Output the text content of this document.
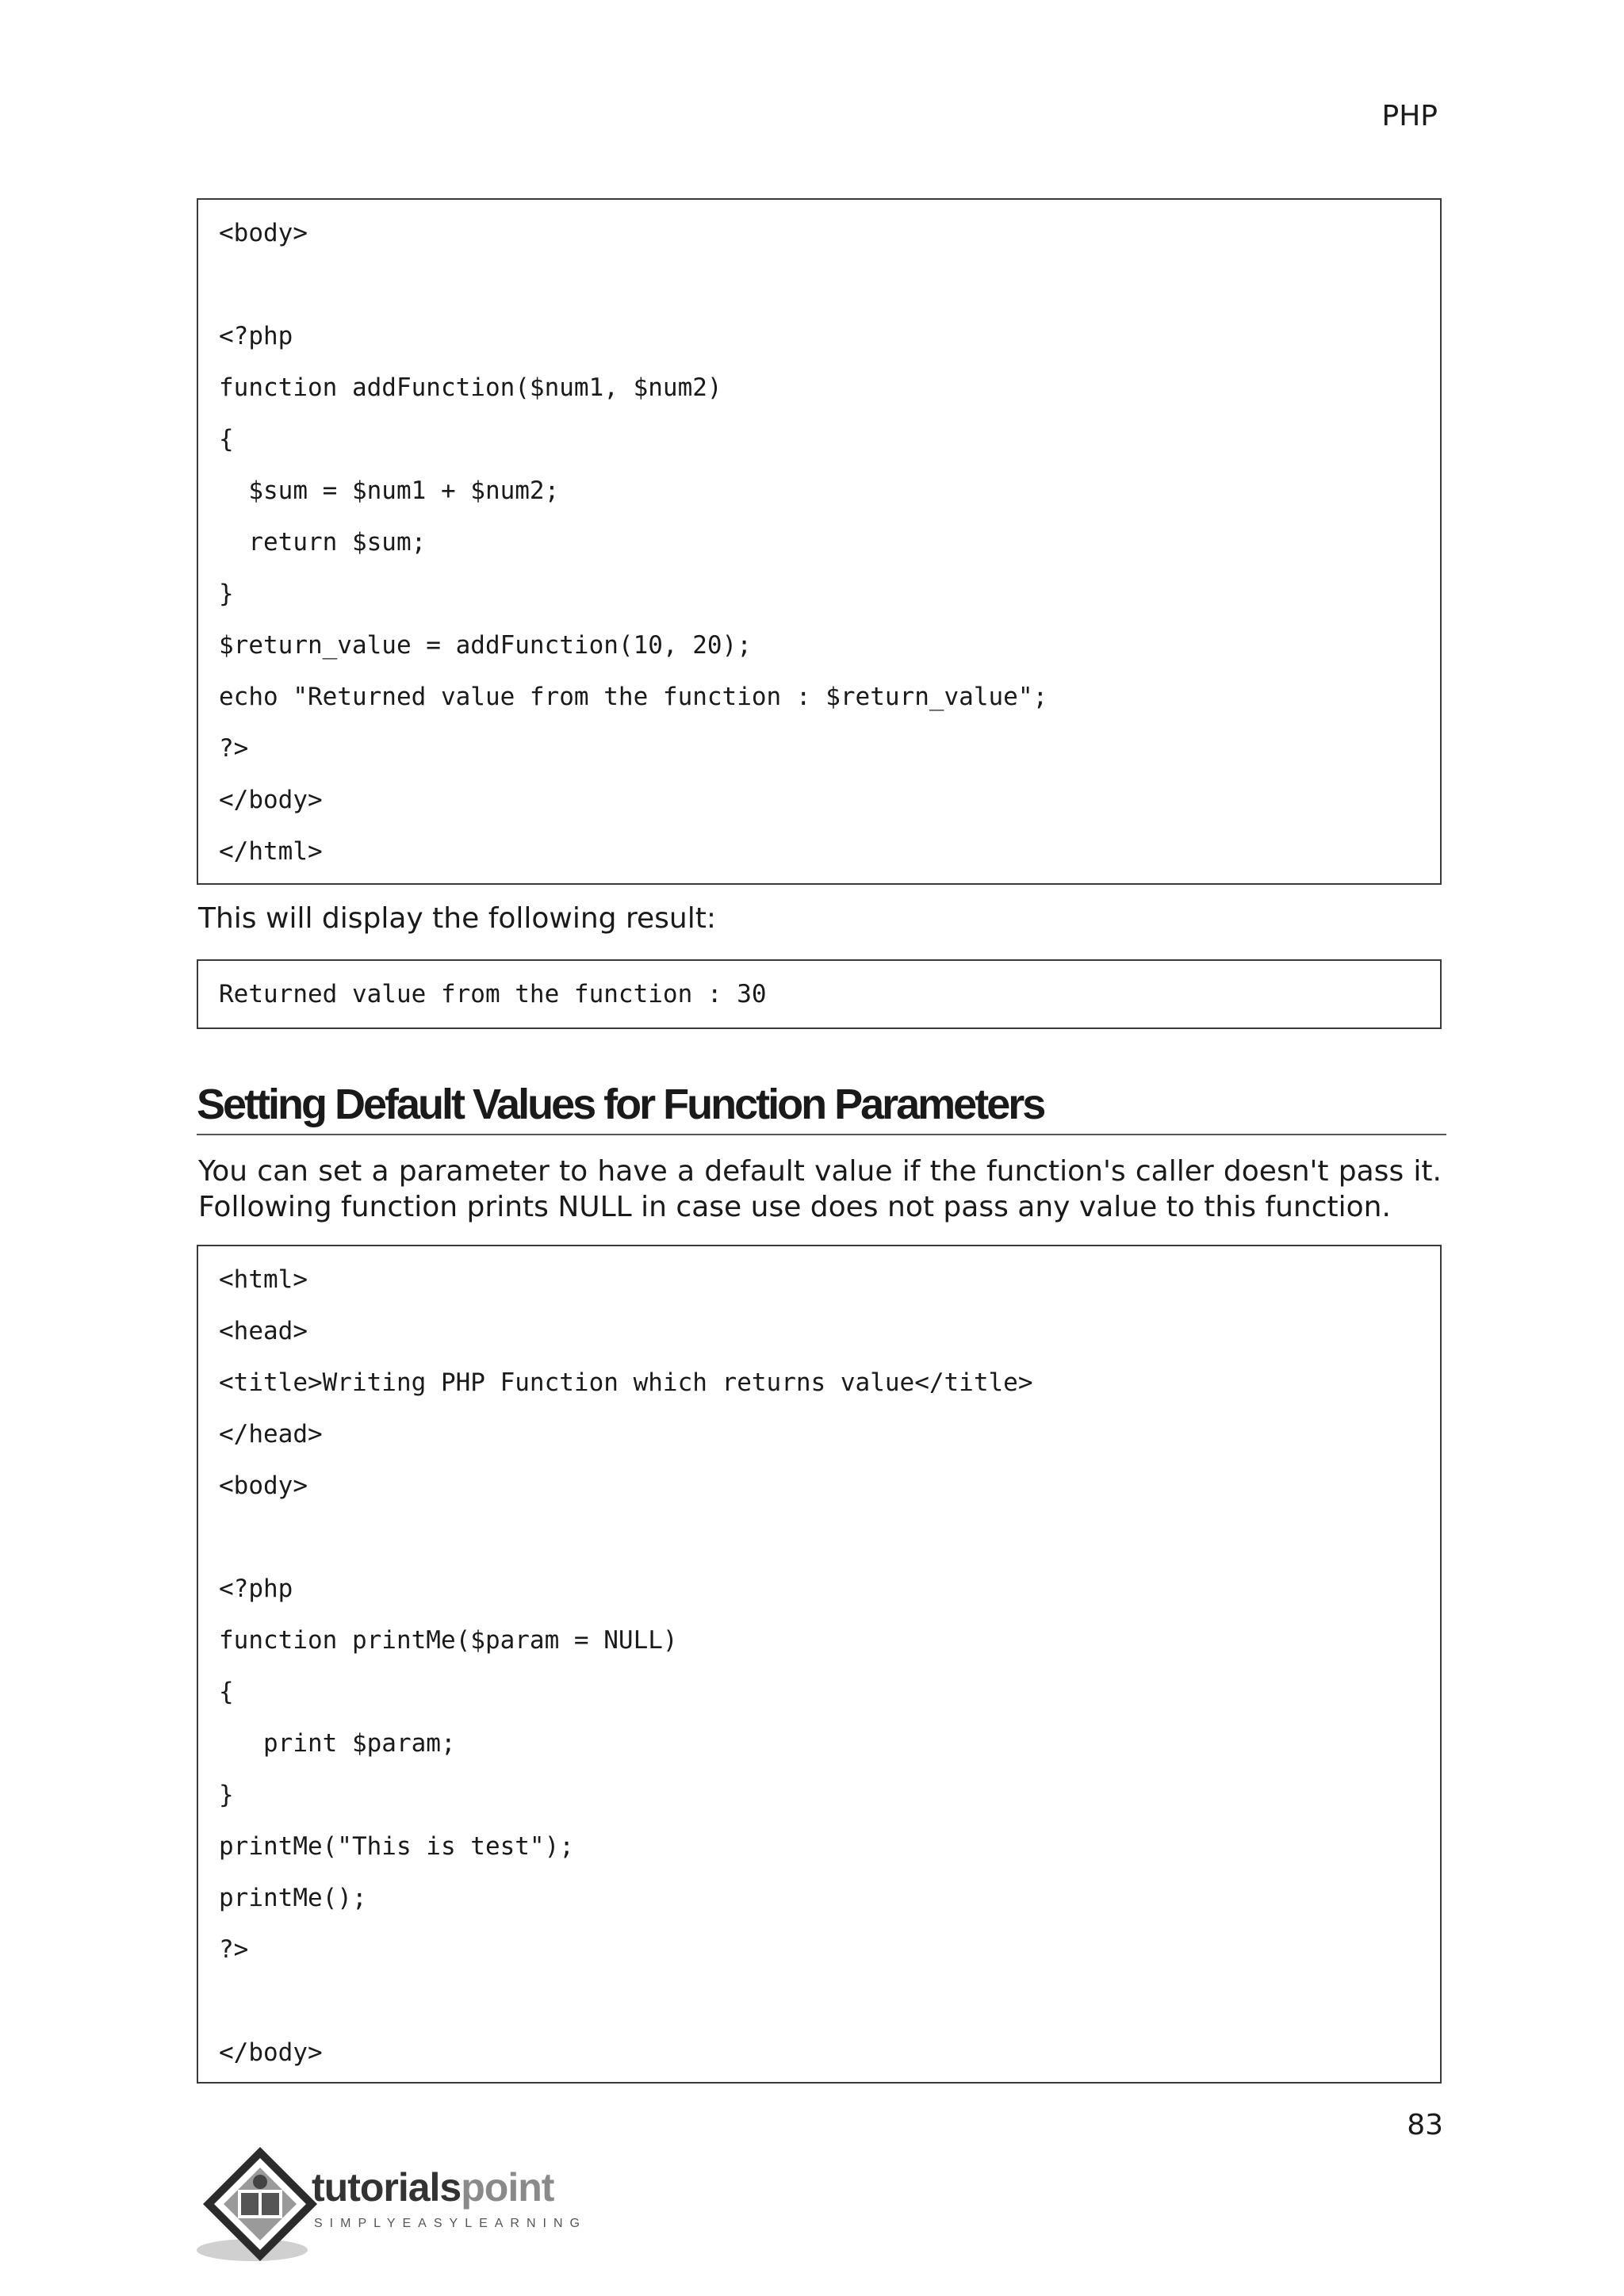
PHP
<body>
<?php
function addFunction($num1, $num2)
{
$sum = $num1 + $num2;
return $sum;
}
$return_value = addFunction(10, 20);
echo "Returned value from the function : $return_value";
?>
</body>
</html>
This will display the following result:
Returned value from the function : 30
Setting Default Values for Function Parameters
You can set a parameter to have a default value if the function's caller doesn't pass it. Following function prints NULL in case use does not pass any value to this function.
<html>
<head>
<title>Writing PHP Function which returns value</title>
</head>
<body>
<?php
function printMe($param = NULL)
{
print $param;
}
printMe("This is test");
printMe();
?>
</body>
83
tutorialspoint
SIMPLYEASYLEARNING
